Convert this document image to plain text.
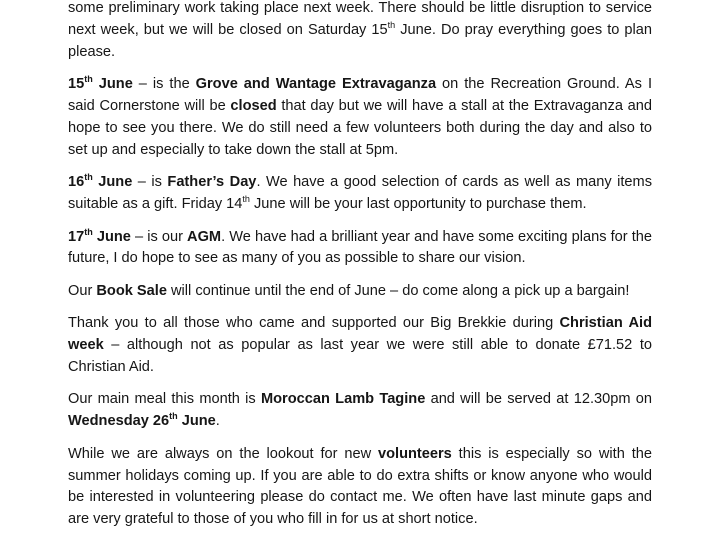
some preliminary work taking place next week. There should be little disruption to service next week, but we will be closed on Saturday 15th June. Do pray everything goes to plan please.

15th June – is the Grove and Wantage Extravaganza on the Recreation Ground. As I said Cornerstone will be closed that day but we will have a stall at the Extravaganza and hope to see you there. We do still need a few volunteers both during the day and also to set up and especially to take down the stall at 5pm.

16th June – is Father’s Day. We have a good selection of cards as well as many items suitable as a gift. Friday 14th June will be your last opportunity to purchase them.

17th June – is our AGM. We have had a brilliant year and have some exciting plans for the future, I do hope to see as many of you as possible to share our vision.

Our Book Sale will continue until the end of June – do come along a pick up a bargain!

Thank you to all those who came and supported our Big Brekkie during Christian Aid week – although not as popular as last year we were still able to donate £71.52 to Christian Aid.

Our main meal this month is Moroccan Lamb Tagine and will be served at 12.30pm on Wednesday 26th June.

While we are always on the lookout for new volunteers this is especially so with the summer holidays coming up. If you are able to do extra shifts or know anyone who would be interested in volunteering please do contact me. We often have last minute gaps and are very grateful to those of you who fill in for us at short notice.
